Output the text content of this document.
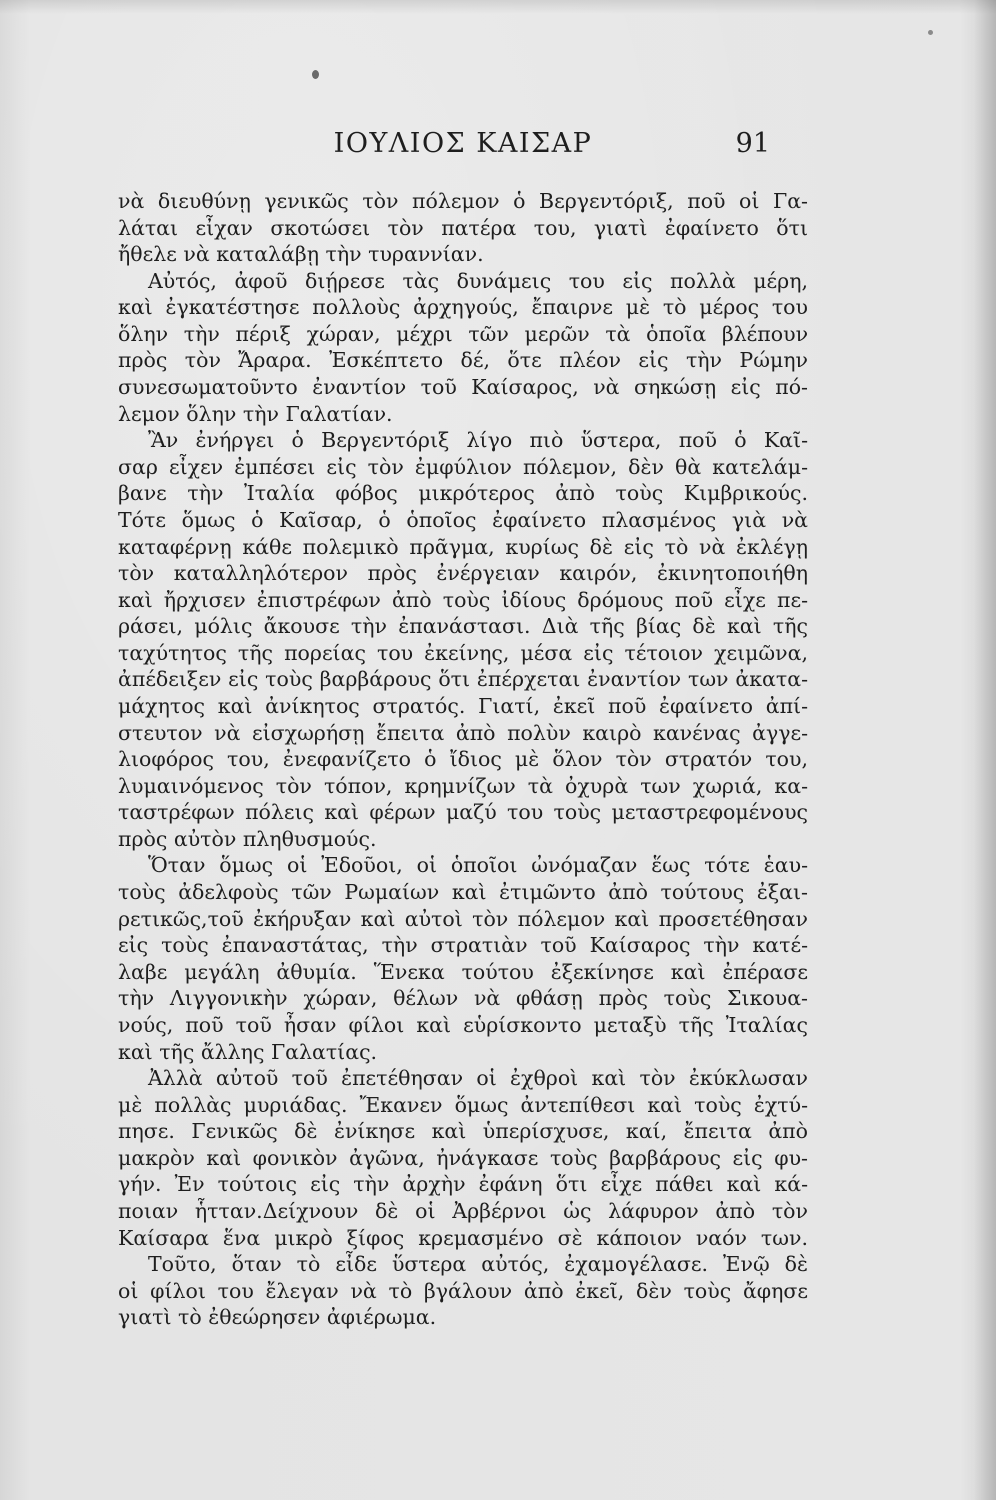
ΙΟΥΛΙΟΣ ΚΑΙΣΑΡ	91
νὰ διευθύνῃ γενικῶς τὸν πόλεμον ὁ Βεργεντόριξ, ποῦ οἱ Γα-
λάται εἶχαν σκοτώσει τὸν πατέρα του, γιατὶ ἐφαίνετο ὅτι
ἤθελε νὰ καταλάβῃ τὴν τυραννίαν.
Αὐτός, ἀφοῦ διῄρεσε τὰς δυνάμεις του εἰς πολλὰ μέρη,
καὶ ἐγκατέστησε πολλοὺς ἀρχηγούς, ἔπαιρνε μὲ τὸ μέρος του
ὅλην τὴν πέριξ χώραν, μέχρι τῶν μερῶν τὰ ὁποῖα βλέπουν
πρὸς τὸν Ἄραρα. Ἐσκέπτετο δέ, ὅτε πλέον εἰς τὴν Ρώμην
συνεσωματοῦντο ἐναντίον τοῦ Καίσαρος, νὰ σηκώσῃ εἰς πό-
λεμον ὅλην τὴν Γαλατίαν.
Ἂν ἐνήργει ὁ Βεργεντόριξ λίγο πιὸ ὕστερα, ποῦ ὁ Καῖ-
σαρ εἶχεν ἐμπέσει εἰς τὸν ἐμφύλιον πόλεμον, δὲν θὰ κατελάμ-
βανε τὴν Ἰταλία φόβος μικρότερος ἀπὸ τοὺς Κιμβρικούς.
Τότε ὅμως ὁ Καῖσαρ, ὁ ὁποῖος ἐφαίνετο πλασμένος γιὰ νὰ
καταφέρνῃ κάθε πολεμικὸ πρᾶγμα, κυρίως δὲ εἰς τὸ νὰ ἐκλέγῃ
τὸν καταλληλότερον πρὸς ἐνέργειαν καιρόν, ἐκινητοποιήθη
καὶ ἤρχισεν ἐπιστρέφων ἀπὸ τοὺς ἰδίους δρόμους ποῦ εἶχε πε-
ράσει, μόλις ἄκουσε τὴν ἐπανάστασι. Διὰ τῆς βίας δὲ καὶ τῆς
ταχύτητος τῆς πορείας του ἐκείνης, μέσα εἰς τέτοιον χειμῶνα,
ἀπέδειξεν εἰς τοὺς βαρβάρους ὅτι ἐπέρχεται ἐναντίον των ἀκατα-
μάχητος καὶ ἀνίκητος στρατός. Γιατί, ἐκεῖ ποῦ ἐφαίνετο ἀπί-
στευτον νὰ εἰσχωρήσῃ ἔπειτα ἀπὸ πολὺν καιρὸ κανένας ἀγγε-
λιοφόρος του, ἐνεφανίζετο ὁ ἴδιος μὲ ὅλον τὸν στρατόν του,
λυμαινόμενος τὸν τόπον, κρημνίζων τὰ ὀχυρὰ των χωριά, κα-
ταστρέφων πόλεις καὶ φέρων μαζύ του τοὺς μεταστρεφομένους
πρὸς αὐτὸν πληθυσμούς.
Ὅταν ὅμως οἱ Ἐδοῦοι, οἱ ὁποῖοι ὠνόμαζαν ἕως τότε ἑαυ-
τοὺς ἀδελφοὺς τῶν Ρωμαίων καὶ ἐτιμῶντο ἀπὸ τούτους ἐξαι-
ρετικῶς,τοῦ ἐκήρυξαν καὶ αὐτοὶ τὸν πόλεμον καὶ προσετέθησαν
εἰς τοὺς ἐπαναστάτας, τὴν στρατιὰν τοῦ Καίσαρος τὴν κατέ-
λαβε μεγάλη ἀθυμία. Ἕνεκα τούτου ἐξεκίνησε καὶ ἐπέρασε
τὴν Λιγγονικὴν χώραν, θέλων νὰ φθάσῃ πρὸς τοὺς Σικουα-
νούς, ποῦ τοῦ ἦσαν φίλοι καὶ εὑρίσκοντο μεταξὺ τῆς Ἰταλίας
καὶ τῆς ἄλλης Γαλατίας.
Ἀλλὰ αὐτοῦ τοῦ ἐπετέθησαν οἱ ἐχθροὶ καὶ τὸν ἐκύκλωσαν
μὲ πολλὰς μυριάδας. Ἔκανεν ὅμως ἀντεπίθεσι καὶ τοὺς ἐχτύ-
πησε. Γενικῶς δὲ ἐνίκησε καὶ ὑπερίσχυσε, καί, ἔπειτα ἀπὸ
μακρὸν καὶ φονικὸν ἀγῶνα, ἠνάγκασε τοὺς βαρβάρους εἰς φυ-
γήν. Ἐν τούτοις εἰς τὴν ἀρχὴν ἐφάνη ὅτι εἶχε πάθει καὶ κά-
ποιαν ἧτταν.Δείχνουν δὲ οἱ Ἀρβέρνοι ὡς λάφυρον ἀπὸ τὸν
Καίσαρα ἕνα μικρὸ ξίφος κρεμασμένο σὲ κάποιον ναόν των.
Τοῦτο, ὅταν τὸ εἶδε ὕστερα αὐτός, ἐχαμογέλασε. Ἐνῷ δὲ
οἱ φίλοι του ἔλεγαν νὰ τὸ βγάλουν ἀπὸ ἐκεῖ, δὲν τοὺς ἄφησε
γιατὶ τὸ ἐθεώρησεν ἀφιέρωμα.
